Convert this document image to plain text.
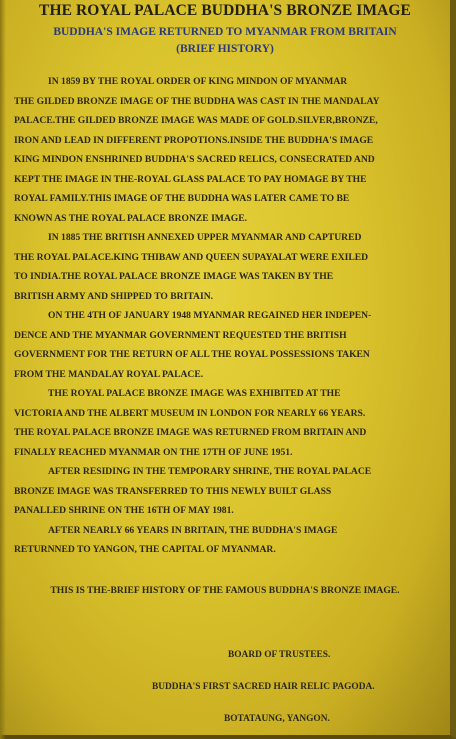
THE ROYAL PALACE BUDDHA'S BRONZE IMAGE
BUDDHA'S IMAGE RETURNED TO MYANMAR FROM BRITAIN
(BRIEF HISTORY)
IN 1859 BY THE ROYAL ORDER OF KING MINDON OF MYANMAR
THE GILDED BRONZE IMAGE OF THE BUDDHA WAS CAST IN THE MANDALAY
PALACE.THE GILDED BRONZE IMAGE WAS MADE OF GOLD.SILVER,BRONZE,
IRON AND LEAD IN DIFFERENT PROPOTIONS.INSIDE THE BUDDHA'S IMAGE
KING MINDON ENSHRINED BUDDHA'S SACRED RELICS, CONSECRATED AND
KEPT THE IMAGE IN THE-ROYAL GLASS PALACE TO PAY HOMAGE BY THE
ROYAL FAMILY.THIS IMAGE OF THE BUDDHA WAS LATER CAME TO BE
KNOWN AS THE ROYAL PALACE BRONZE IMAGE.
IN 1885 THE BRITISH ANNEXED UPPER MYANMAR AND CAPTURED
THE ROYAL PALACE.KING THIBAW AND QUEEN SUPAYALAT WERE EXILED
TO INDIA.THE ROYAL PALACE BRONZE IMAGE WAS TAKEN BY THE
BRITISH ARMY AND SHIPPED TO BRITAIN.
ON THE 4TH OF JANUARY 1948 MYANMAR REGAINED HER INDEPEN-
DENCE AND THE MYANMAR GOVERNMENT REQUESTED THE BRITISH
GOVERNMENT FOR THE RETURN OF ALL THE ROYAL POSSESSIONS TAKEN
FROM THE MANDALAY ROYAL PALACE.
THE ROYAL PALACE BRONZE IMAGE WAS EXHIBITED AT THE
VICTORIA AND THE ALBERT MUSEUM IN LONDON FOR NEARLY 66 YEARS.
THE ROYAL PALACE BRONZE IMAGE WAS RETURNED FROM BRITAIN AND
FINALLY REACHED MYANMAR ON THE 17TH OF JUNE 1951.
AFTER RESIDING IN THE TEMPORARY SHRINE, THE ROYAL PALACE
BRONZE IMAGE WAS TRANSFERRED TO THIS NEWLY BUILT GLASS
PANALLED SHRINE ON THE 16TH OF MAY 1981.
AFTER NEARLY 66 YEARS IN BRITAIN, THE BUDDHA'S IMAGE
RETURNNED TO YANGON, THE CAPITAL OF MYANMAR.
THIS IS THE-BRIEF HISTORY OF THE FAMOUS BUDDHA'S BRONZE IMAGE.
BOARD OF TRUSTEES.
BUDDHA'S FIRST SACRED HAIR RELIC PAGODA.
BOTATAUNG, YANGON.
